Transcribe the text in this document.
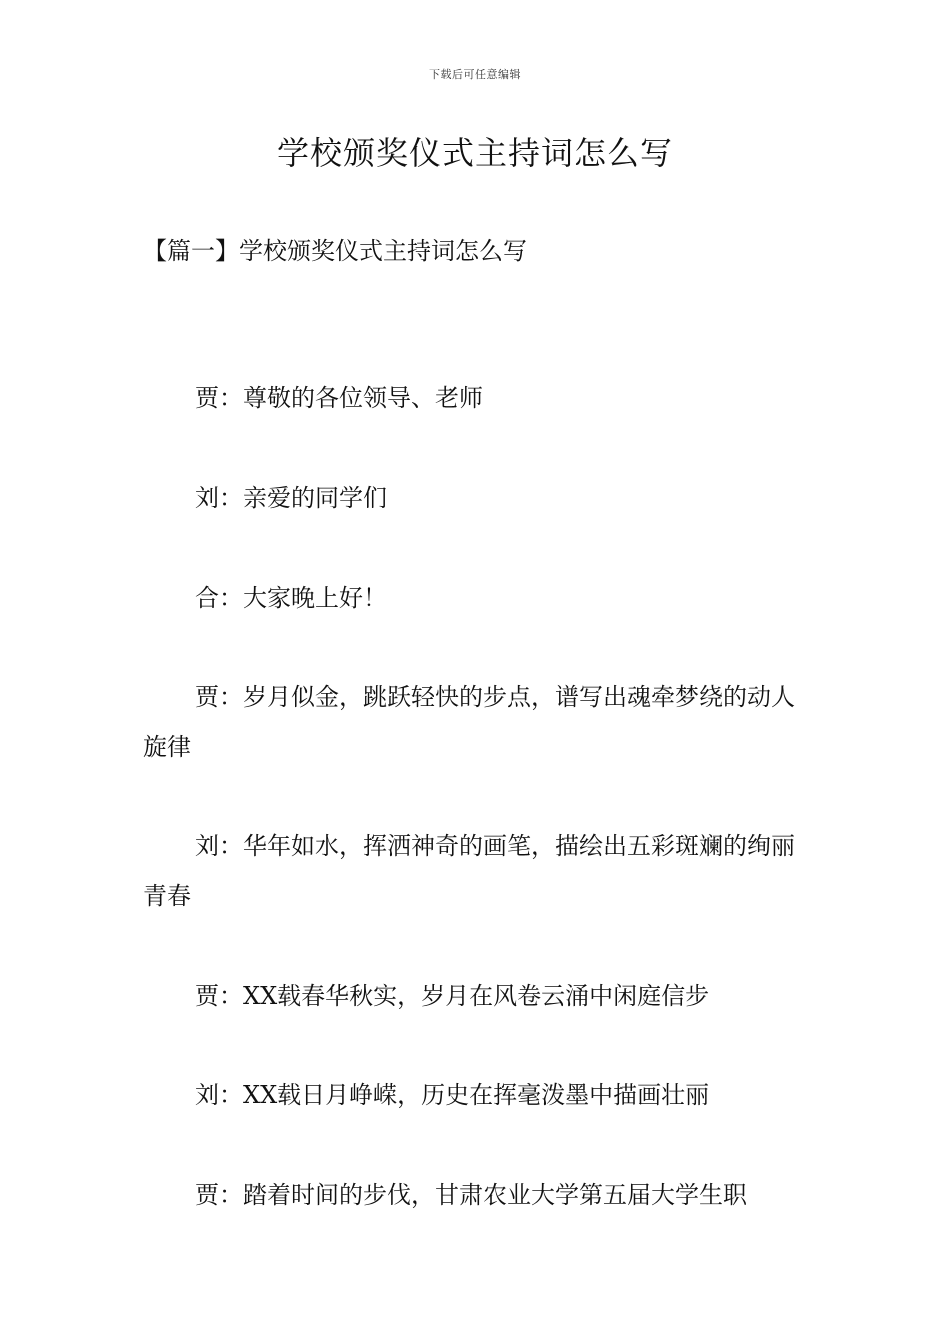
下载后可任意编辑
学校颁奖仪式主持词怎么写
【篇一】学校颁奖仪式主持词怎么写

贾：尊敬的各位领导、老师

刘：亲爱的同学们

合：大家晚上好！

贾：岁月似金，跳跃轻快的步点，谱写出魂牵梦绕的动人旋律

刘：华年如水，挥洒神奇的画笔，描绘出五彩斑斓的绚丽青春

贾：XX载春华秋实，岁月在风卷云涌中闲庭信步

刘：XX载日月峥嵘，历史在挥毫泼墨中描画壮丽

贾：踏着时间的步伐，甘肃农业大学第五届大学生职
